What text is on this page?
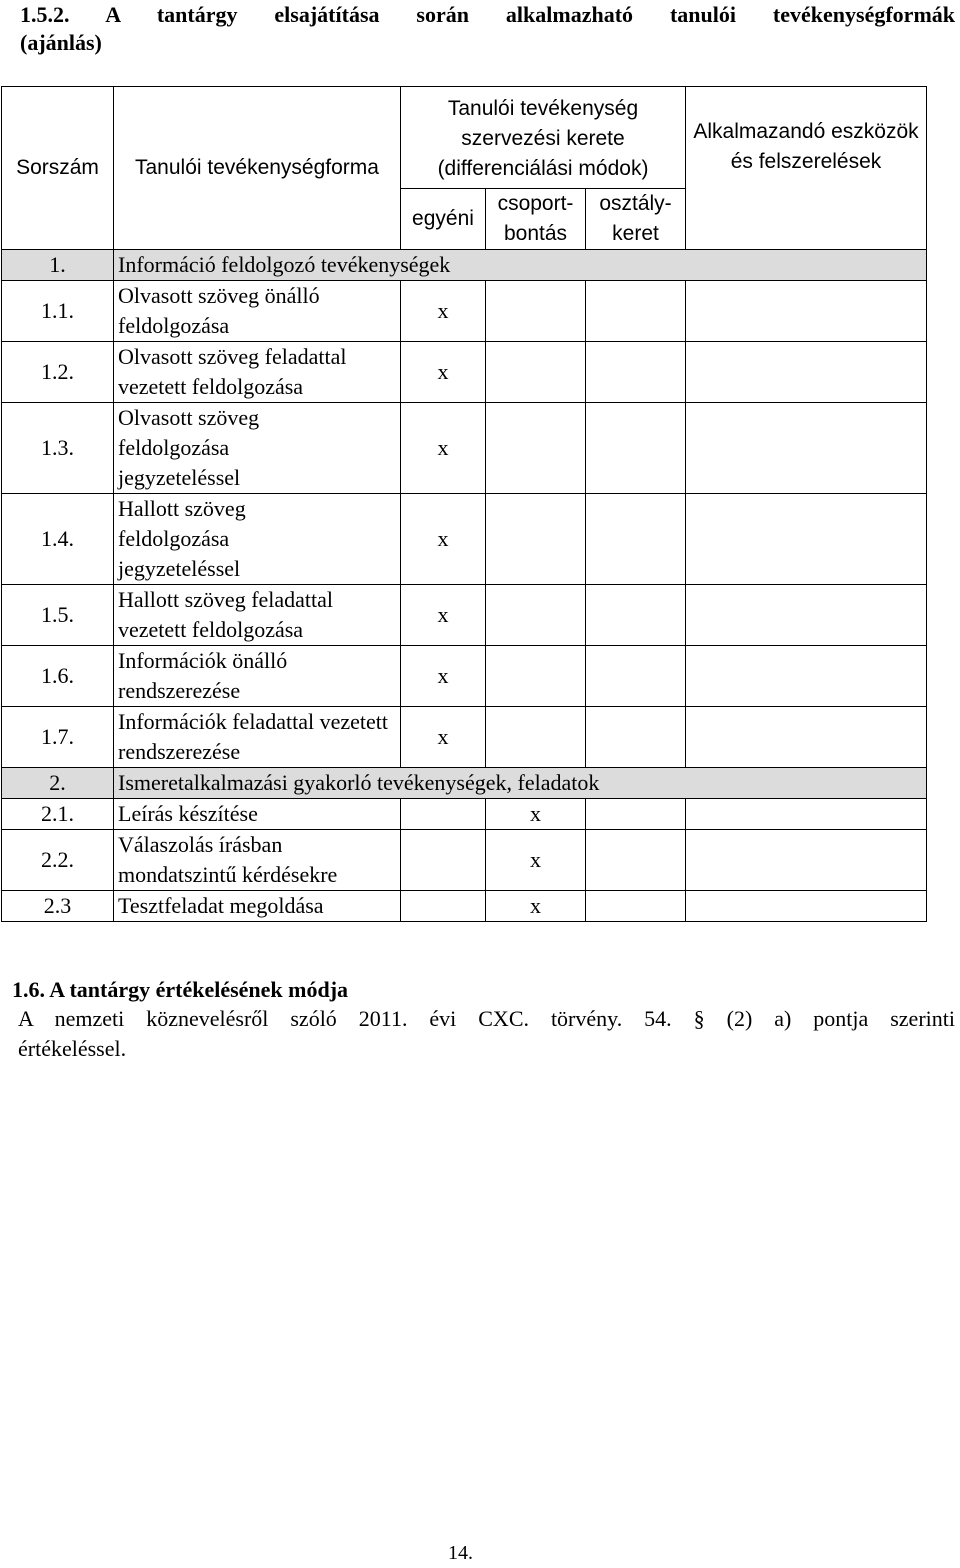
1.5.2. A tantárgy elsajátítása során alkalmazható tanulói tevékenységformák
(ajánlás)
Sorszám	Tanulói tevékenységforma	Tanulói tevékenység szervezési kerete (differenciálási módok)			Alkalmazandó eszközök és felszerelések
		egyéni	csoport-bontás	osztály-keret	
1.	Információ feldolgozó tevékenységek				
1.1.	Olvasott szöveg önálló feldolgozása	x			
1.2.	Olvasott szöveg feladattal vezetett feldolgozása	x			
1.3.	Olvasott szöveg feldolgozása jegyzeteléssel	x			
1.4.	Hallott szöveg feldolgozása jegyzeteléssel	x			
1.5.	Hallott szöveg feladattal vezetett feldolgozása	x			
1.6.	Információk önálló rendszerezése	x			
1.7.	Információk feladattal vezetett rendszerezése	x			
2.	Ismeretalkalmazási gyakorló tevékenységek, feladatok				
2.1.	Leírás készítése		x		
2.2.	Válaszolás írásban mondatszintű kérdésekre		x		
2.3	Tesztfeladat megoldása		x		
1.6. A tantárgy értékelésének módja
A nemzeti köznevelésről szóló 2011. évi CXC. törvény. 54. § (2) a) pontja szerinti
értékeléssel.
14.
